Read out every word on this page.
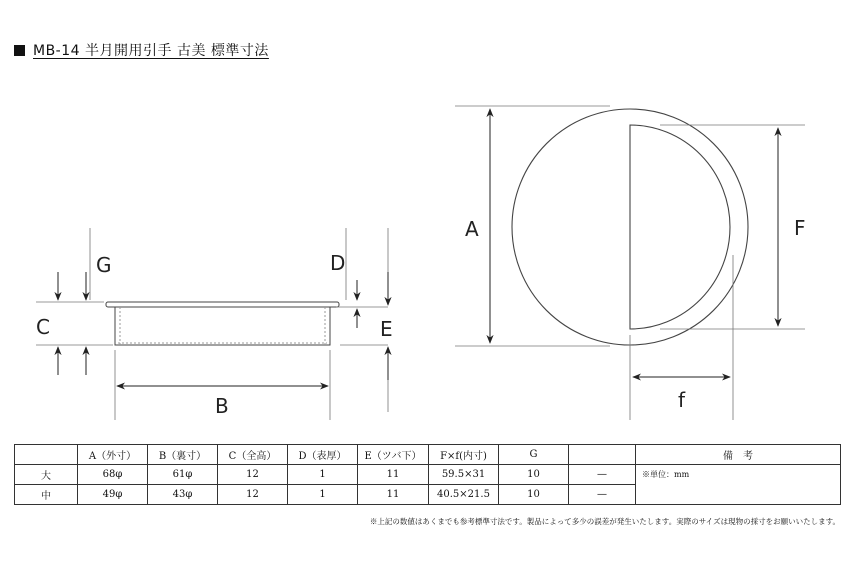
MB-14 半月開用引手 古美 標準寸法
G
C
D
E
B
A	F
f
	A（外寸）	B（裏寸）	C（全高）	D（表厚）	E（ツバ下）	F×f(内寸)	G		備　考
大	68φ	61φ	12	1	11	59.5×31	10	—	※単位：mm
中	49φ	43φ	12	1	11	40.5×21.5	10	—	
※上記の数値はあくまでも参考標準寸法です。製品によって多少の誤差が発生いたします。実際のサイズは現物の採寸をお願いいたします。
